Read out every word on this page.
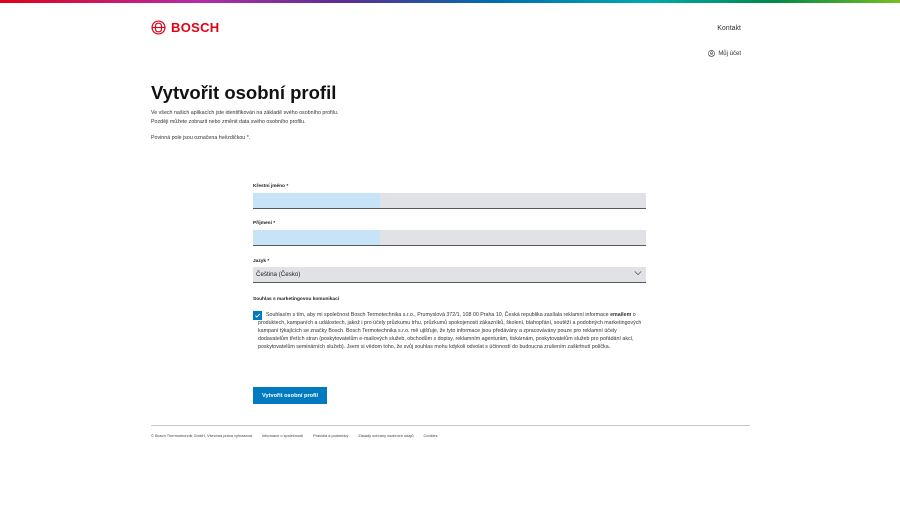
BOSCH	Kontakt
Můj účet
Vytvořit osobní profil
Ve všech našich aplikacích jste identifikován na základě svého osobního profilu.
Později můžete zobrazit nebo změnit data svého osobního profilu.
Povinná pole jsou označena hvězdičkou *.
Křestní jméno *
Příjmení *
Jazyk *
Čeština (Česko)
Souhlas s marketingovou komunikací
Souhlasím s tím, aby mi společnost Bosch Termotechnika s.r.o., Prumyslová 372/1, 108 00 Praha 10, Česká republika zasílala reklamní informace emailem o produktech, kampaních a událostech, jakož i pro účely průzkumu trhu, průzkumů spokojenosti zákazníků, školení, blahopřání, soutěží a podobných marketingových kampaní týkajících se značky Bosch. Bosch Termotechnika s.r.o. mě ujišťuje, že tyto informace jsou předávány a zpracovávány pouze pro reklamní účely dodavatelům třetích stran (poskytovatelům e-mailových služeb, obchodům s dopisy, reklamním agenturám, tiskárnám, poskytovatelům služeb pro pořádání akcí, poskytovatelům seminárních služeb). Jsem si vědom toho, že svůj souhlas mohu kdykoli odvolat s účinností do budoucna zrušením zaškrtnutí políčka.
Vytvořit osobní profil
© Bosch Thermotechnik GmbH, Všechna práva vyhrazena	Informace o společnosti	Pravidla a podmínky	Zásady ochrany osobních údajů	Cookies
